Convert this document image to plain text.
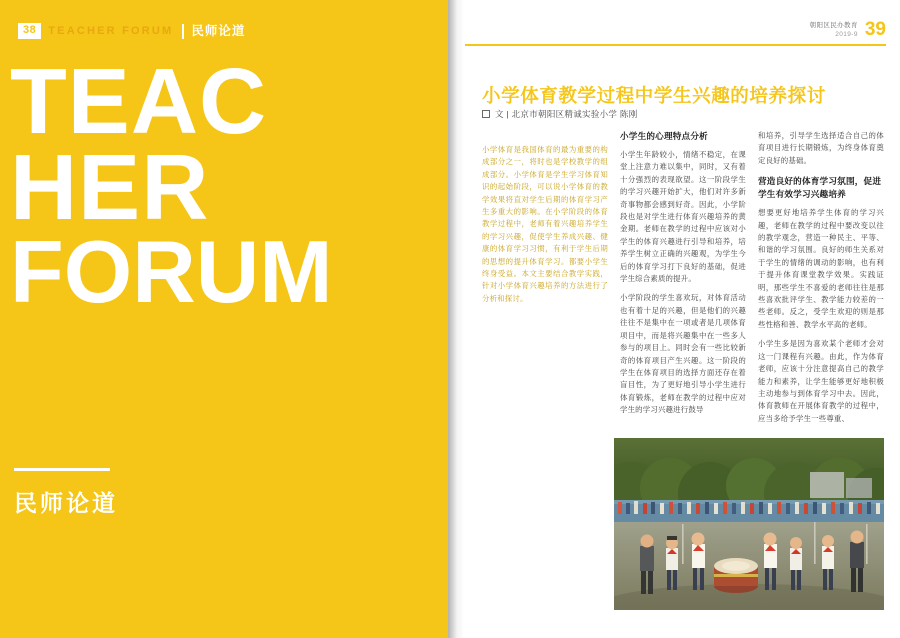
38	TEACHER FORUM 民师论道
TEAC
HER
FORUM
民师论道
朝阳区民办教育
2019-9 39
小学体育教学过程中学生兴趣的培养探讨
文 | 北京市朝阳区精诚实验小学 陈刚

小学体育是我国体育的最为重要的构成部分之一，将时也是学校教学的组成部分。小学体育是学生学习体育知识的起始阶段，可以说小学体育的教学效果将直对学生后期的体育学习产生多重大的影响。在小学阶段的体育教学过程中，老师有着兴趣培养学生的学习兴趣，促使学生养成兴趣、健康的体育学习习惯，有利于学生后期的思想的提升体育学习。都要小学生终身受益。本文主要结合教学实践，针对小学体育兴趣培养的方法进行了分析和探讨。

小学生的心理特点分析

小学生年龄较小，情绪不稳定，在课堂上注意力难以集中，同时，又有着十分强烈的表现欲望。这一阶段学生的学习兴趣开始扩大，他们对许多新奇事物都会感到好奇。因此，小学阶段也是对学生进行体育兴趣培养的黄金期。老师在教学的过程中应该对小学生的体育兴趣进行引导和培养，培养学生树立正确的兴趣观，为学生今后的体育学习打下良好的基础，促进学生综合素质的提升。

小学阶段的学生喜欢玩，对体育活动也有着十足的兴趣，但是他们的兴趣往往不是集中在一项或者是几项体育项目中，而是将兴趣集中在一些多人参与的项目上。同时会有一些比较新奇的体育项目产生兴趣。这一阶段的学生在体育项目的选择方面还存在着盲目性，为了更好地引导小学生进行体育锻炼，老师在教学的过程中应对学生的学习兴趣进行鼓导

和培养，引导学生选择适合自己的体育项目进行长期锻炼，为终身体育奠定良好的基础。

营造良好的体育学习氛围，促进学生有效学习兴趣培养

想要更好地培养学生体育的学习兴趣，老师在教学的过程中要改变以往的教学观念，营造一种民主、平等、和谐的学习氛围。良好的师生关系对于学生的情绪的调动的影响，也有利于提升体育课堂教学效果。实践证明，那些学生不喜爱的老师往往是那些喜欢批评学生、教学能力较差的一些老师。反之，受学生欢迎的则是那些性格和善、教学水平高的老师。

小学生多是因为喜欢某个老师才会对这一门课程有兴趣。由此，作为体育老师，应该十分注意提高自己的教学能力和素养，让学生能够更好地积极主动地参与到体育学习中去。因此，体育教师在开展体育教学的过程中，应当多给予学生一些尊重、
